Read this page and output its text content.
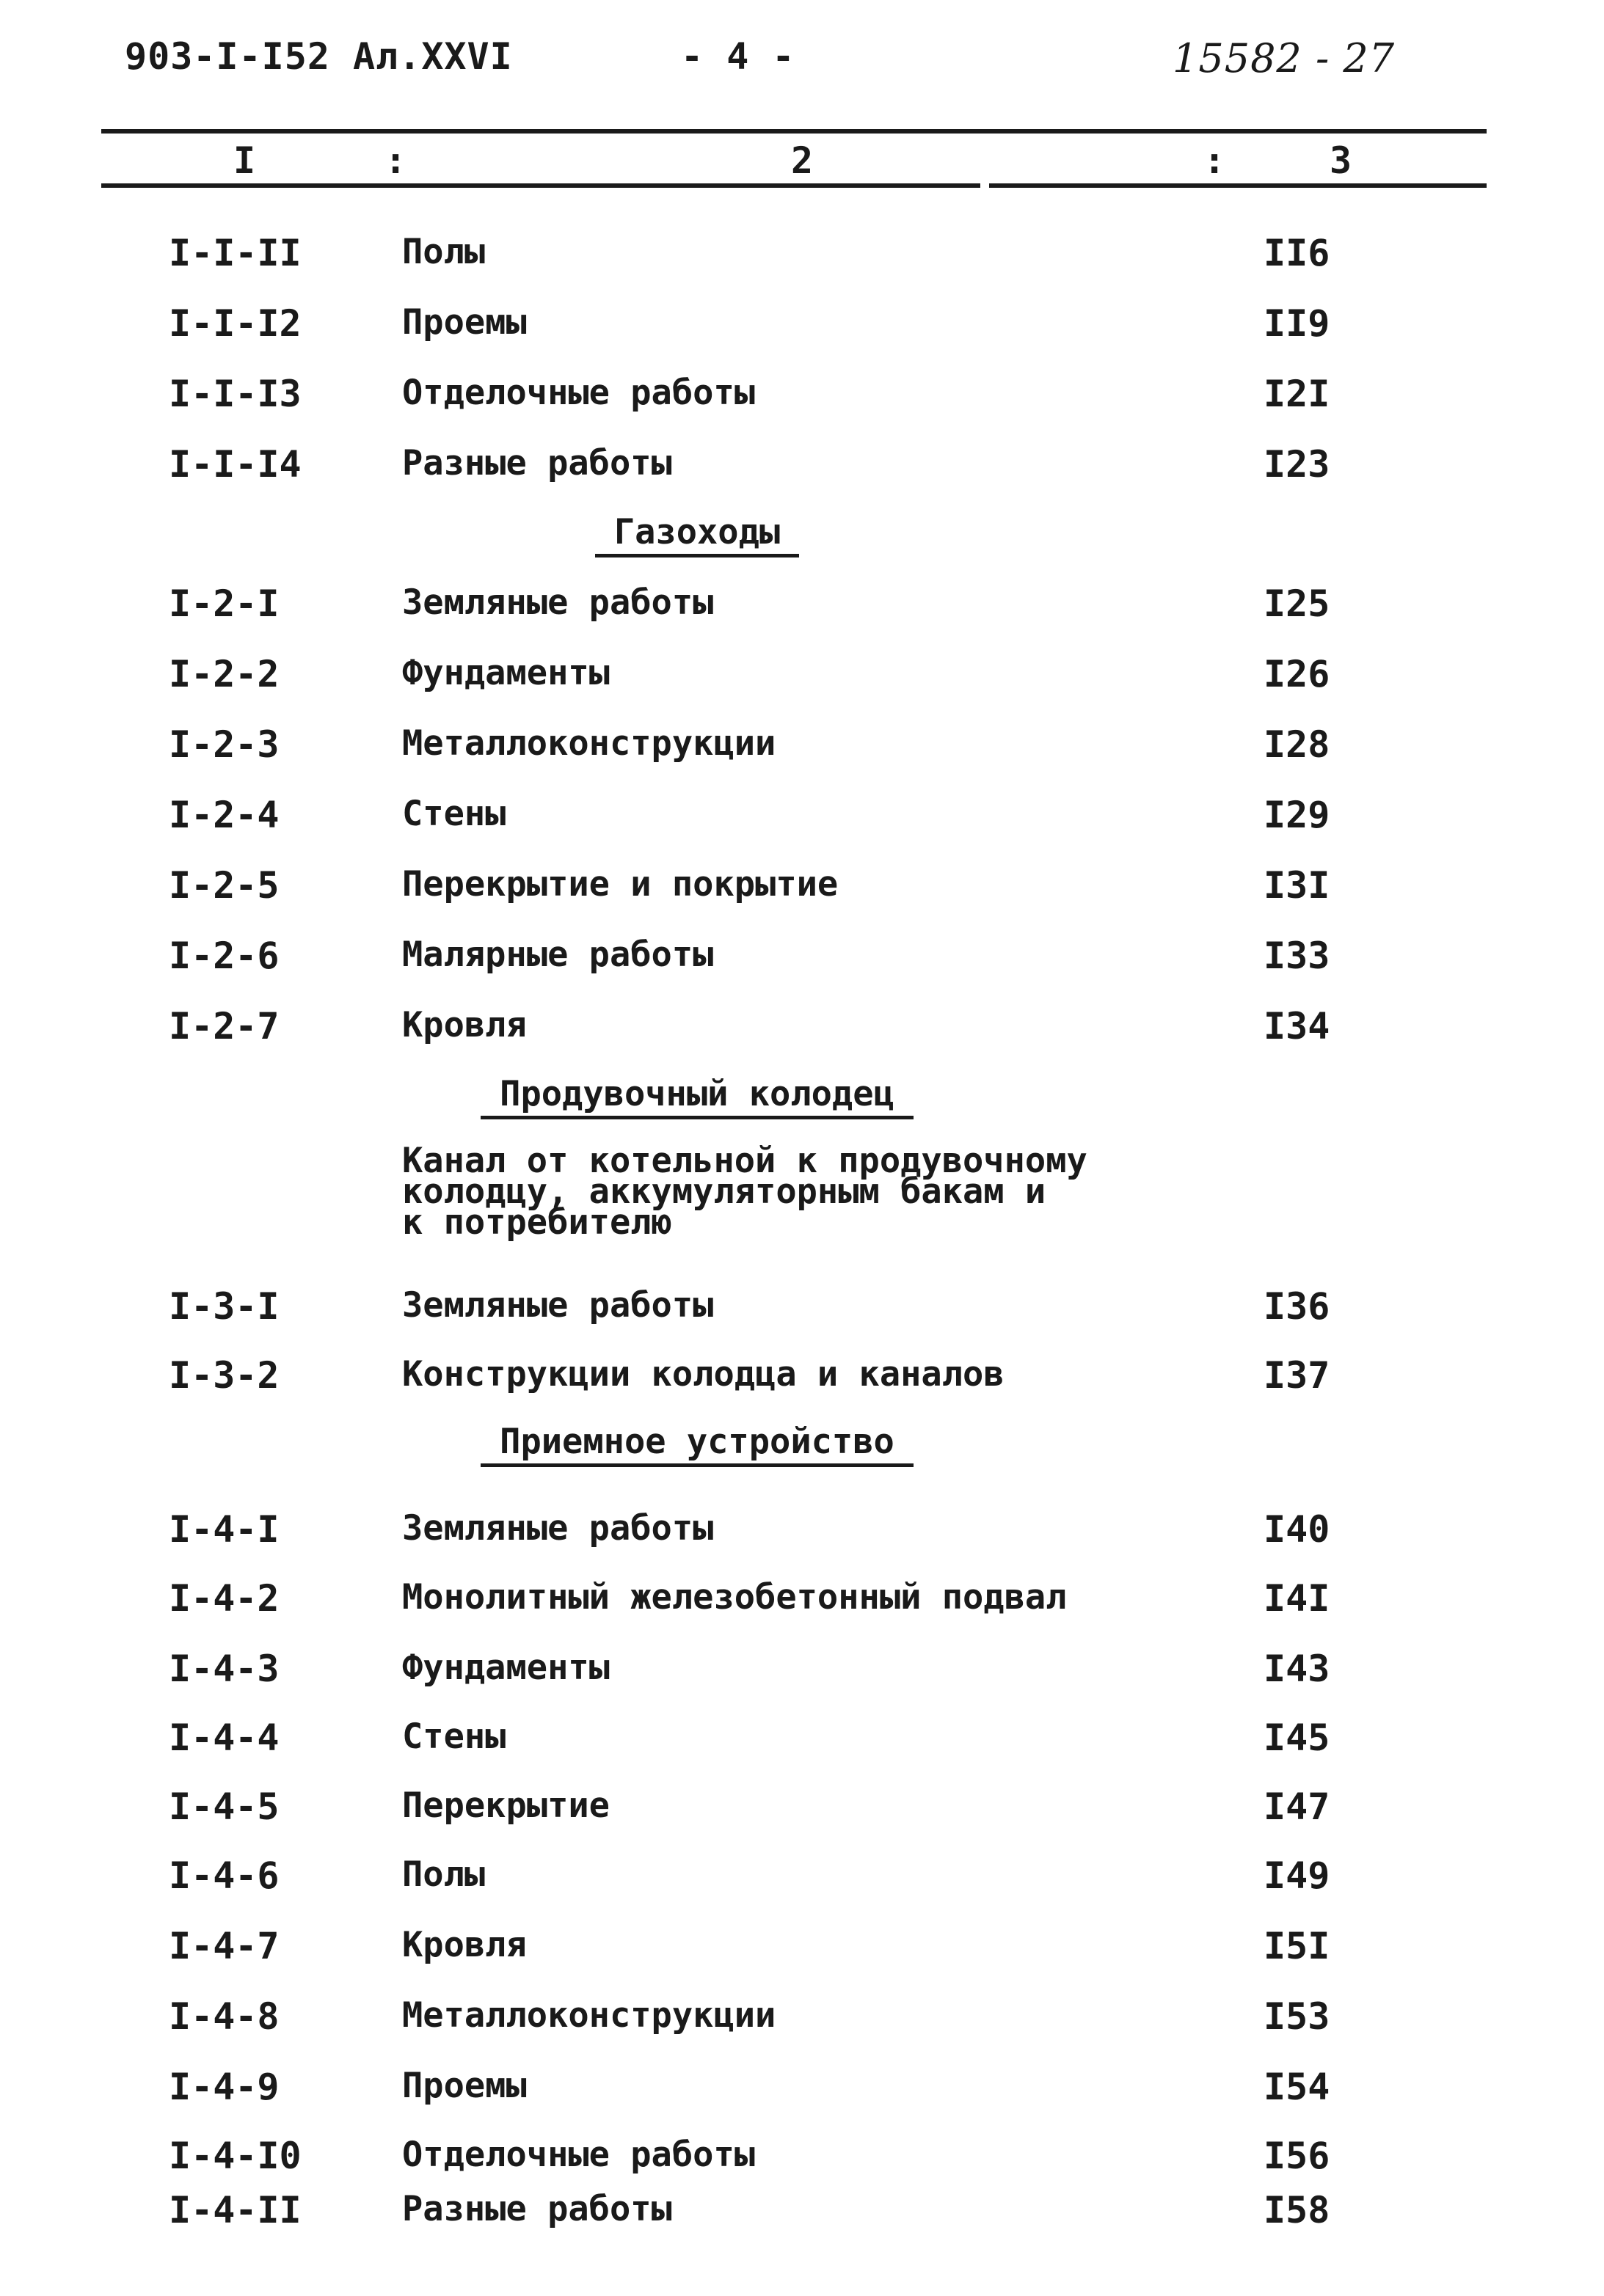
903-I-I52 Ал.XXVI	- 4 -	15582 - 27
I	:	2	:	3
I-I-II	Полы	II6
I-I-I2	Проемы	II9
I-I-I3	Отделочные работы	I2I
I-I-I4	Разные работы	I23
Газоходы
I-2-I	Земляные работы	I25
I-2-2	Фундаменты	I26
I-2-3	Металлоконструкции	I28
I-2-4	Стены	I29
I-2-5	Перекрытие и покрытие	I3I
I-2-6	Малярные работы	I33
I-2-7	Кровля	I34
Продувочный колодец
Канал от котельной к продувочному
колодцу, аккумуляторным бакам и
к потребителю
I-3-I	Земляные работы	I36
I-3-2	Конструкции колодца и каналов	I37
Приемное устройство
I-4-I	Земляные работы	I40
I-4-2	Монолитный железобетонный подвал	I4I
I-4-3	Фундаменты	I43
I-4-4	Стены	I45
I-4-5	Перекрытие	I47
I-4-6	Полы	I49
I-4-7	Кровля	I5I
I-4-8	Металлоконструкции	I53
I-4-9	Проемы	I54
I-4-I0	Отделочные работы	I56
I-4-II	Разные работы	I58
